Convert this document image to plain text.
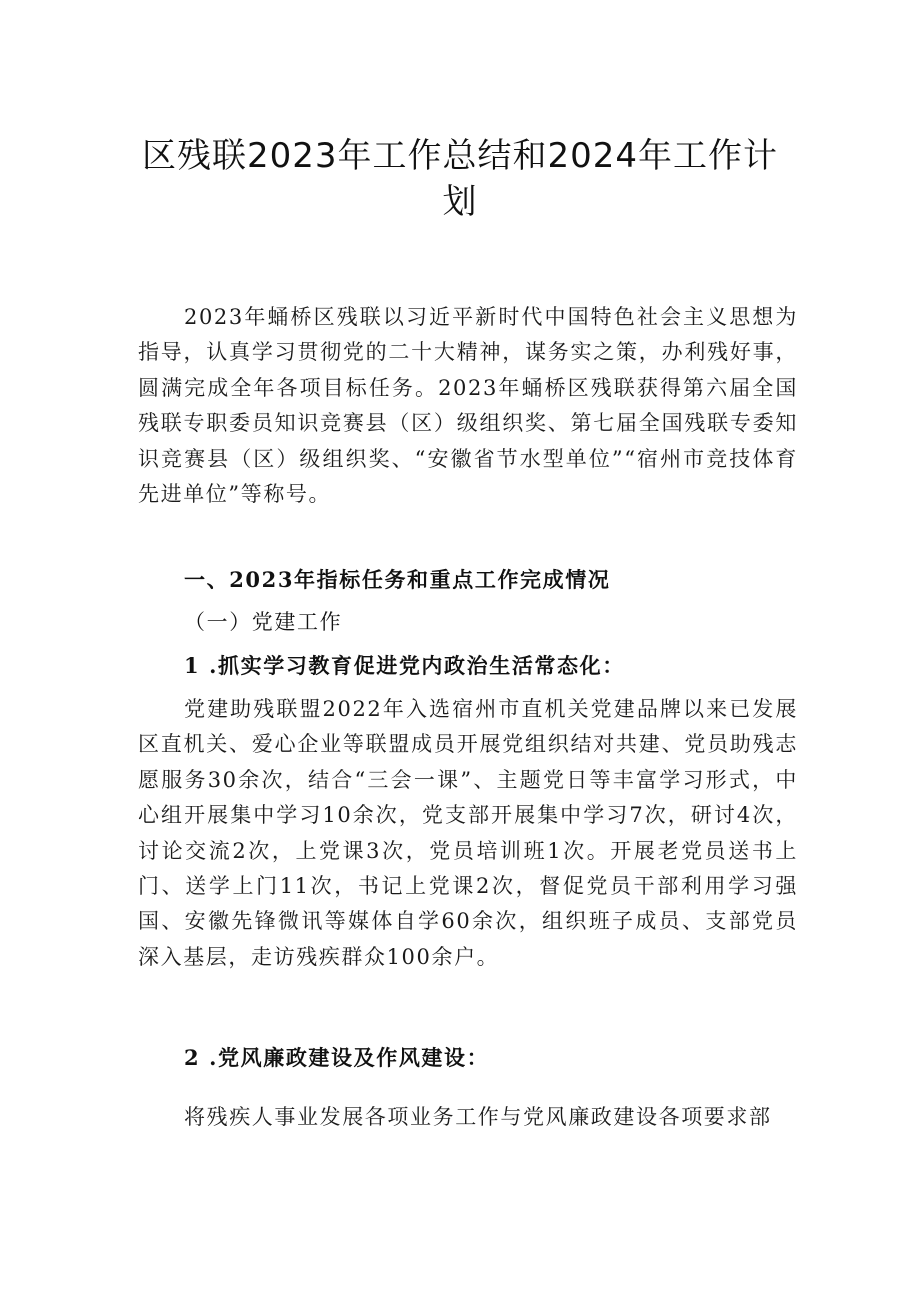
区残联2023年工作总结和2024年工作计
划

2023年蛹桥区残联以习近平新时代中国特色社会主义思想为指导，认真学习贯彻党的二十大精神，谋务实之策，办利残好事，圆满完成全年各项目标任务。2023年蛹桥区残联获得第六届全国残联专职委员知识竞赛县（区）级组织奖、第七届全国残联专委知识竞赛县（区）级组织奖、“安徽省节水型单位”“宿州市竞技体育先进单位”等称号。

一、2023年指标任务和重点工作完成情况
（一）党建工作
1 .抓实学习教育促进党内政治生活常态化：

党建助残联盟2022年入选宿州市直机关党建品牌以来已发展区直机关、爱心企业等联盟成员开展党组织结对共建、党员助残志愿服务30余次，结合“三会一课”、主题党日等丰富学习形式，中心组开展集中学习10余次，党支部开展集中学习7次，研讨4次，讨论交流2次，上党课3次，党员培训班1次。开展老党员送书上门、送学上门11次，书记上党课2次，督促党员干部利用学习强国、安徽先锋微讯等媒体自学60余次，组织班子成员、支部党员深入基层，走访残疾群众100余户。

2 .党风廉政建设及作风建设：

将残疾人事业发展各项业务工作与党风廉政建设各项要求部
